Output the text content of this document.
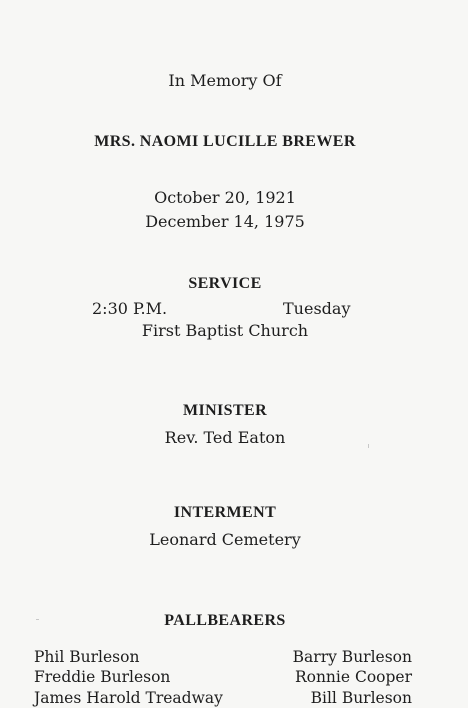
In Memory Of
MRS. NAOMI LUCILLE BREWER
October 20, 1921
December 14, 1975
SERVICE
2:30 P.M.	Tuesday
First Baptist Church
MINISTER
Rev. Ted Eaton
INTERMENT
Leonard Cemetery
PALLBEARERS
Phil Burleson
Freddie Burleson
James Harold Treadway
Barry Burleson
Ronnie Cooper
Bill Burleson
